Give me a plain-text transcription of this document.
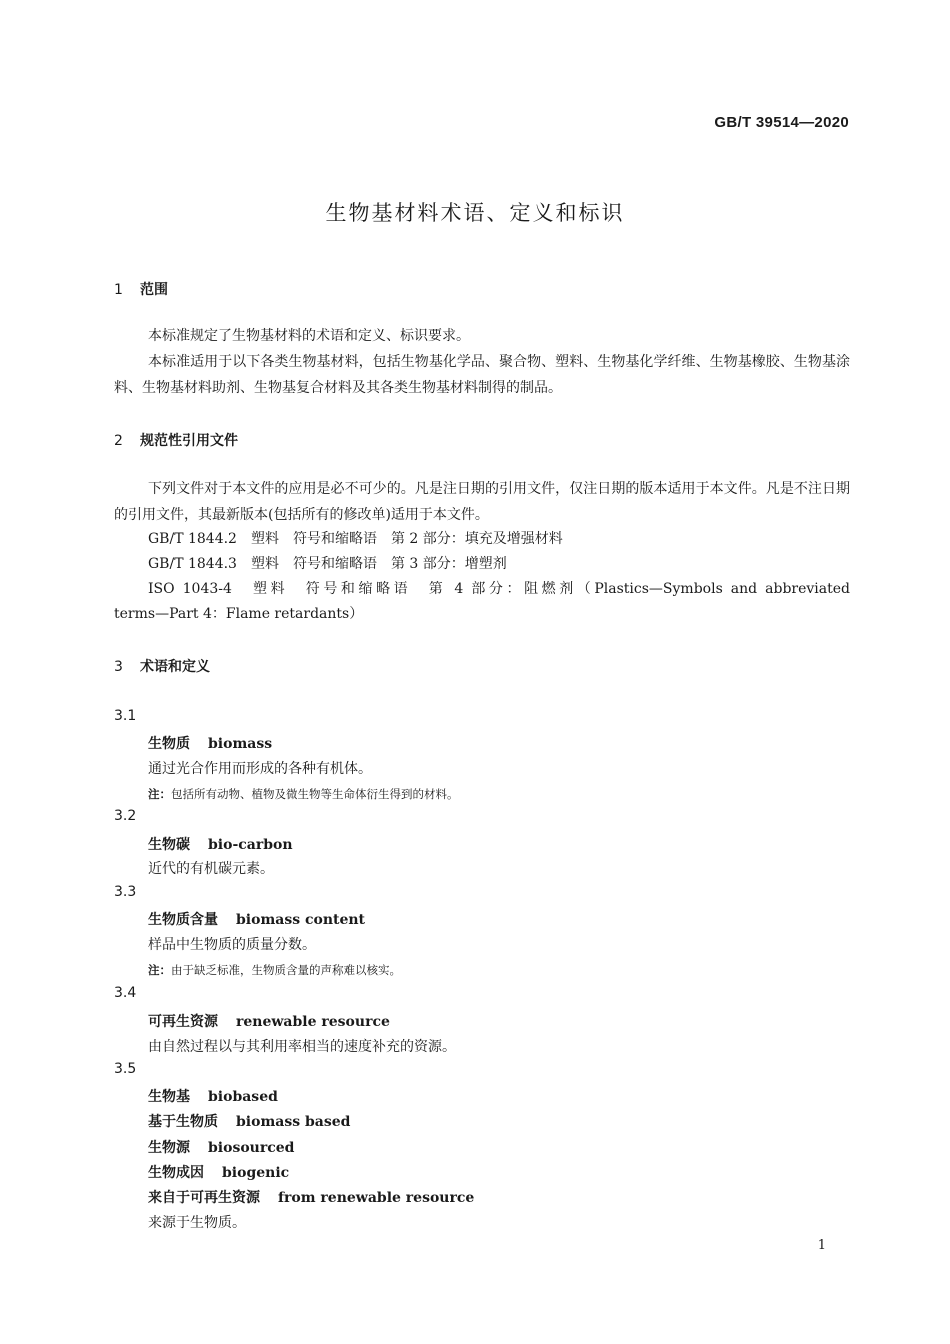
GB/T 39514—2020
生物基材料术语、定义和标识
1 范围
本标准规定了生物基材料的术语和定义、标识要求。
本标准适用于以下各类生物基材料，包括生物基化学品、聚合物、塑料、生物基化学纤维、生物基橡胶、生物基涂料、生物基材料助剂、生物基复合材料及其各类生物基材料制得的制品。
2 规范性引用文件
下列文件对于本文件的应用是必不可少的。凡是注日期的引用文件，仅注日期的版本适用于本文件。凡是不注日期的引用文件，其最新版本(包括所有的修改单)适用于本文件。
GB/T 1844.2　塑料　符号和缩略语　第 2 部分：填充及增强材料
GB/T 1844.3　塑料　符号和缩略语　第 3 部分：增塑剂
ISO 1043-4　塑料　符号和缩略语　第 4 部分：阻燃剂（Plastics—Symbols and abbreviated
terms—Part 4：Flame retardants）
3 术语和定义
3.1
生物质 biomass
通过光合作用而形成的各种有机体。
注：包括所有动物、植物及微生物等生命体衍生得到的材料。
3.2
生物碳 bio-carbon
近代的有机碳元素。
3.3
生物质含量 biomass content
样品中生物质的质量分数。
注：由于缺乏标准，生物质含量的声称难以核实。
3.4
可再生资源 renewable resource
由自然过程以与其利用率相当的速度补充的资源。
3.5
生物基 biobased
基于生物质 biomass based
生物源 biosourced
生物成因 biogenic
来自于可再生资源 from renewable resource
来源于生物质。
1
